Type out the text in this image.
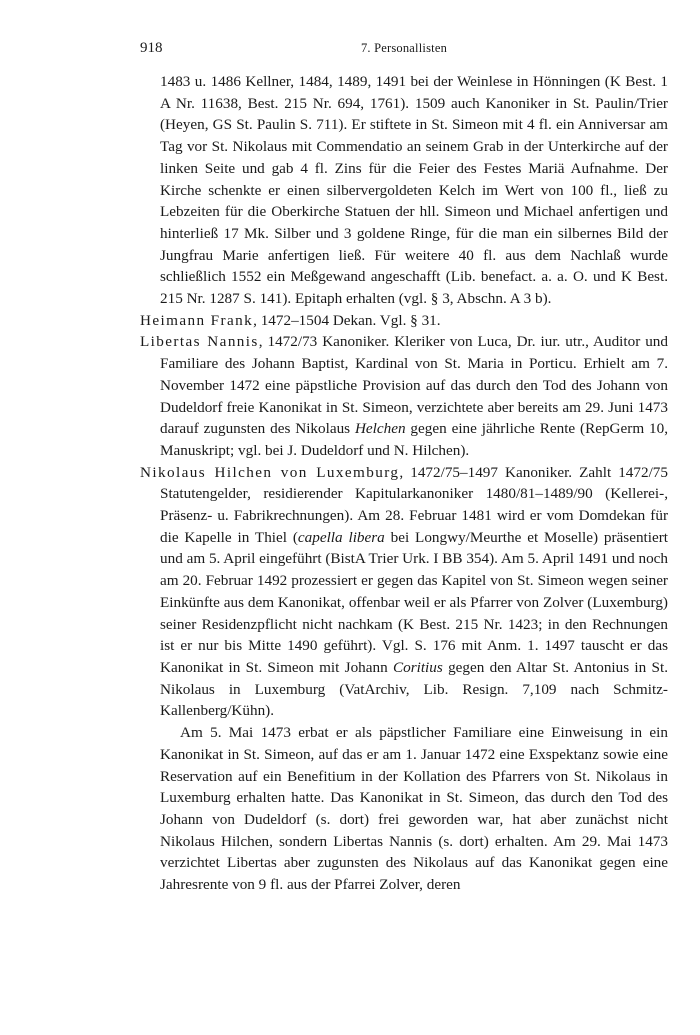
918	7. Personallisten

1483 u. 1486 Kellner, 1484, 1489, 1491 bei der Weinlese in Hönningen (K Best. 1 A Nr. 11638, Best. 215 Nr. 694, 1761). 1509 auch Kanoniker in St. Paulin/Trier (Heyen, GS St. Paulin S. 711). Er stiftete in St. Simeon mit 4 fl. ein Anniversar am Tag vor St. Nikolaus mit Commendatio an seinem Grab in der Unterkirche auf der linken Seite und gab 4 fl. Zins für die Feier des Festes Mariä Aufnahme. Der Kirche schenkte er einen silbervergoldeten Kelch im Wert von 100 fl., ließ zu Lebzeiten für die Oberkirche Statuen der hll. Simeon und Michael anfertigen und hinterließ 17 Mk. Silber und 3 goldene Ringe, für die man ein silbernes Bild der Jungfrau Marie anfertigen ließ. Für weitere 40 fl. aus dem Nachlaß wurde schließlich 1552 ein Meßgewand angeschafft (Lib. benefact. a. a. O. und K Best. 215 Nr. 1287 S. 141). Epitaph erhalten (vgl. § 3, Abschn. A 3 b).

Heimann Frank, 1472–1504 Dekan. Vgl. § 31.

Libertas Nannis, 1472/73 Kanoniker. Kleriker von Luca, Dr. iur. utr., Auditor und Familiare des Johann Baptist, Kardinal von St. Maria in Porticu. Erhielt am 7. November 1472 eine päpstliche Provision auf das durch den Tod des Johann von Dudeldorf freie Kanonikat in St. Simeon, verzichtete aber bereits am 29. Juni 1473 darauf zugunsten des Nikolaus Helchen gegen eine jährliche Rente (RepGerm 10, Manuskript; vgl. bei J. Dudeldorf und N. Hilchen).

Nikolaus Hilchen von Luxemburg, 1472/75–1497 Kanoniker. Zahlt 1472/75 Statutengelder, residierender Kapitularkanoniker 1480/81–1489/90 (Kellerei-, Präsenz- u. Fabrikrechnungen). Am 28. Februar 1481 wird er vom Domdekan für die Kapelle in Thiel (capella libera bei Longwy/Meurthe et Moselle) präsentiert und am 5. April eingeführt (BistA Trier Urk. I BB 354). Am 5. April 1491 und noch am 20. Februar 1492 prozessiert er gegen das Kapitel von St. Simeon wegen seiner Einkünfte aus dem Kanonikat, offenbar weil er als Pfarrer von Zolver (Luxemburg) seiner Residenzpflicht nicht nachkam (K Best. 215 Nr. 1423; in den Rechnungen ist er nur bis Mitte 1490 geführt). Vgl. S. 176 mit Anm. 1. 1497 tauscht er das Kanonikat in St. Simeon mit Johann Coritius gegen den Altar St. Antonius in St. Nikolaus in Luxemburg (VatArchiv, Lib. Resign. 7,109 nach Schmitz-Kallenberg/Kühn).

Am 5. Mai 1473 erbat er als päpstlicher Familiare eine Einweisung in ein Kanonikat in St. Simeon, auf das er am 1. Januar 1472 eine Exspektanz sowie eine Reservation auf ein Benefitium in der Kollation des Pfarrers von St. Nikolaus in Luxemburg erhalten hatte. Das Kanonikat in St. Simeon, das durch den Tod des Johann von Dudeldorf (s. dort) frei geworden war, hat aber zunächst nicht Nikolaus Hilchen, sondern Libertas Nannis (s. dort) erhalten. Am 29. Mai 1473 verzichtet Libertas aber zugunsten des Nikolaus auf das Kanonikat gegen eine Jahresrente von 9 fl. aus der Pfarrei Zolver, deren
